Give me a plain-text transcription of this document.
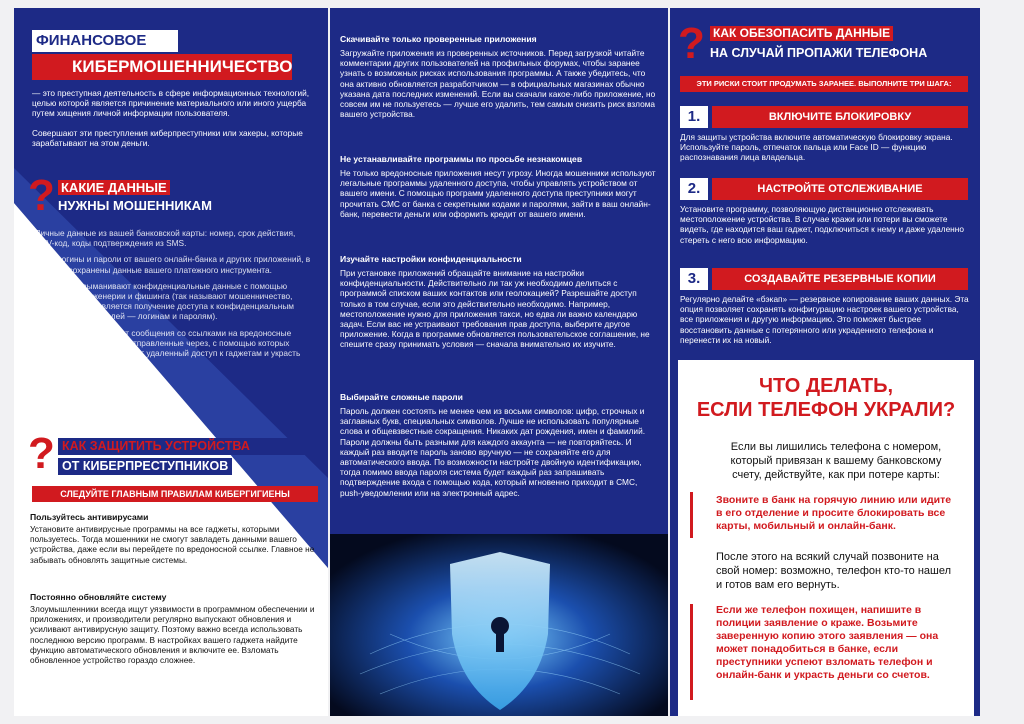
ФИНАНСОВОЕ
КИБЕРМОШЕННИЧЕСТВО
— это преступная деятельность в сфере информационных технологий, целью которой является причинение материального или иного ущерба путем хищения личной информации пользователя.
Совершают эти преступления киберпреступники или хакеры, которые зарабатывают на этом деньги.
? КАКИЕ ДАННЫЕ
НУЖНЫ МОШЕННИКАМ
✔ Личные данные из вашей банковской карты: номер, срок действия, CVV-код, коды подтверждения из SMS.
✔ Либо логины и пароли от вашего онлайн-банка и других приложений, в которых сохранены данные вашего платежного инструмента.
✔ Мошенники выманивают конфиденциальные данные с помощью социальной инженерии и фишинга (так называют мошенничество, целью которого является получение доступа к конфиденциальным данным пользователей — логинам и паролям).
✔ Нередко они рассылают сообщения со ссылками на вредоносные программы или файлы, отправленные через, с помощью которых киберпреступники получают удаленный доступ к гаджетам и украсть сведения
? КАК ЗАЩИТИТЬ УСТРОЙСТВА
ОТ КИБЕРПРЕСТУПНИКОВ
СЛЕДУЙТЕ ГЛАВНЫМ ПРАВИЛАМ КИБЕРГИГИЕНЫ
Пользуйтесь антивирусами
Установите антивирусные программы на все гаджеты, которыми пользуетесь. Тогда мошенники не смогут завладеть данными вашего устройства, даже если вы перейдете по вредоносной ссылке. Главное не забывать обновлять защитные системы.
Постоянно обновляйте систему
Злоумышленники всегда ищут уязвимости в программном обеспечении и приложениях, и производители регулярно выпускают обновления и усиливают антивирусную защиту. Поэтому важно всегда использовать последнюю версию программ. В настройках вашего гаджета найдите функцию автоматического обновления и включите ее. Взломать обновленное устройство гораздо сложнее.
Скачивайте только проверенные приложения
Загружайте приложения из проверенных источников. Перед загрузкой читайте комментарии других пользователей на профильных форумах, чтобы заранее узнать о возможных рисках использования программы. А также убедитесь, что она активно обновляется разработчиком — в официальных магазинах обычно указана дата последних изменений. Если вы скачали какое-либо приложение, но совсем им не пользуетесь — лучше его удалить, тем самым снизить риск взлома вашего устройства.
Не устанавливайте программы по просьбе незнакомцев
Не только вредоносные приложения несут угрозу. Иногда мошенники используют легальные программы удаленного доступа, чтобы управлять устройством от вашего имени. С помощью программ удаленного доступа преступники могут прочитать СМС от банка с секретными кодами и паролями, зайти в ваш онлайн-банк, перевести деньги или оформить кредит от вашего имени.
Изучайте настройки конфиденциальности
При установке приложений обращайте внимание на настройки конфиденциальности. Действительно ли так уж необходимо делиться с программой списком ваших контактов или геолокацией? Разрешайте доступ только в том случае, если это действительно необходимо. Например, местоположение нужно для приложения такси, но едва ли важно календарю задач. Если вас не устраивают требования прав доступа, выберите другое приложение. Когда в программе обновляется пользовательское соглашение, не спешите сразу принимать условия — сначала внимательно их изучите.
Выбирайте сложные пароли
Пароль должен состоять не менее чем из восьми символов: цифр, строчных и заглавных букв, специальных символов. Лучше не использовать популярные слова и общевзвестные сокращения. Никаких дат рождения, имен и фамилий. Пароли должны быть разными для каждого аккаунта — не повторяйтесь. И каждый раз вводите пароль заново вручную — не сохраняйте его для автоматического ввода. По возможности настройте двойную идентификацию, тогда помимо ввода пароля система будет каждый раз запрашивать подтверждение входа с помощью кода, который мгновенно приходит в СМС, push-уведомлении или на электронный адрес.
? КАК ОБЕЗОПАСИТЬ ДАННЫЕ
НА СЛУЧАЙ ПРОПАЖИ ТЕЛЕФОНА
ЭТИ РИСКИ СТОИТ ПРОДУМАТЬ ЗАРАНЕЕ. ВЫПОЛНИТЕ ТРИ ШАГА:
1.	ВКЛЮЧИТЕ БЛОКИРОВКУ
Для защиты устройства включите автоматическую блокировку экрана. Используйте пароль, отпечаток пальца или Face ID — функцию распознавания лица владельца.
2.	НАСТРОЙТЕ ОТСЛЕЖИВАНИЕ
Установите программу, позволяющую дистанционно отслеживать местоположение устройства. В случае кражи или потери вы сможете видеть, где находится ваш гаджет, подключиться к нему и даже удаленно стереть с него всю информацию.
3.	СОЗДАВАЙТЕ РЕЗЕРВНЫЕ КОПИИ
Регулярно делайте «бэкап» — резервное копирование ваших данных. Эта опция позволяет сохранять конфигурацию настроек вашего устройства, все приложения и другую информацию. Это поможет быстрее восстановить данные с потерянного или украденного телефона и перенести их на новый.
ЧТО ДЕЛАТЬ,
ЕСЛИ ТЕЛЕФОН УКРАЛИ?
Если вы лишились телефона с номером, который привязан к вашему банковскому счету, действуйте, как при потере карты:
Звоните в банк на горячую линию или идите в его отделение и просите блокировать все карты, мобильный и онлайн-банк.
После этого на всякий случай позвоните на свой номер: возможно, телефон кто-то нашел и готов вам его вернуть.
Если же телефон похищен, напишите в полиции заявление о краже. Возьмите заверенную копию этого заявления — она может понадобиться в банке, если преступники успеют взломать телефон и онлайн-банк и украсть деньги со счетов.
